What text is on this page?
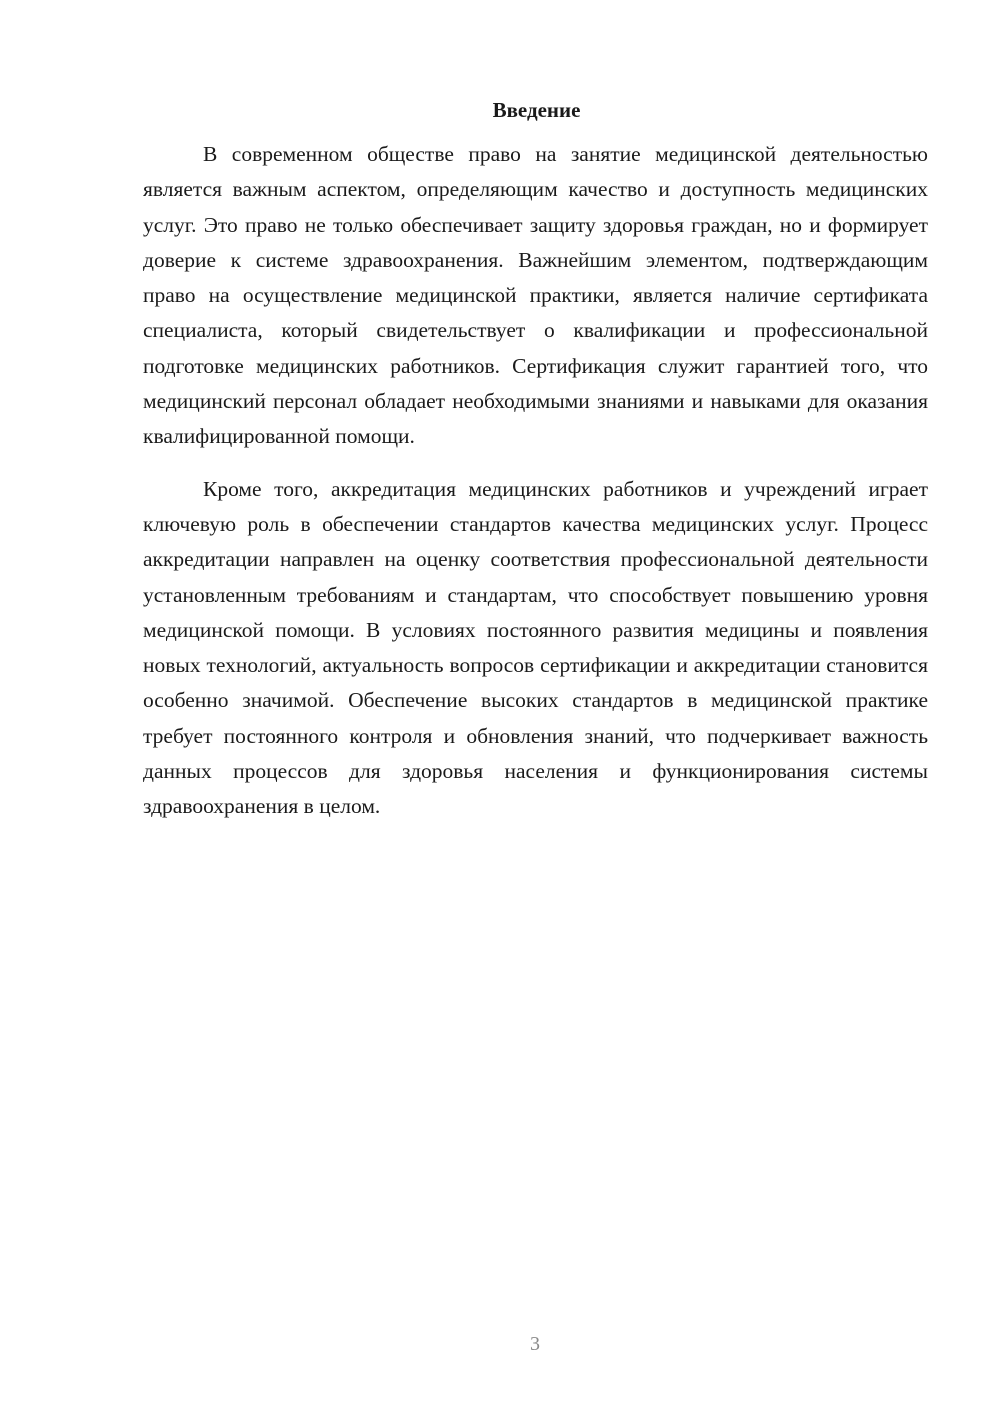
Введение

В современном обществе право на занятие медицинской деятельностью является важным аспектом, определяющим качество и доступность медицинских услуг. Это право не только обеспечивает защиту здоровья граждан, но и формирует доверие к системе здравоохранения. Важнейшим элементом, подтверждающим право на осуществление медицинской практики, является наличие сертификата специалиста, который свидетельствует о квалификации и профессиональной подготовке медицинских работников. Сертификация служит гарантией того, что медицинский персонал обладает необходимыми знаниями и навыками для оказания квалифицированной помощи.

Кроме того, аккредитация медицинских работников и учреждений играет ключевую роль в обеспечении стандартов качества медицинских услуг. Процесс аккредитации направлен на оценку соответствия профессиональной деятельности установленным требованиям и стандартам, что способствует повышению уровня медицинской помощи. В условиях постоянного развития медицины и появления новых технологий, актуальность вопросов сертификации и аккредитации становится особенно значимой. Обеспечение высоких стандартов в медицинской практике требует постоянного контроля и обновления знаний, что подчеркивает важность данных процессов для здоровья населения и функционирования системы здравоохранения в целом.

3
